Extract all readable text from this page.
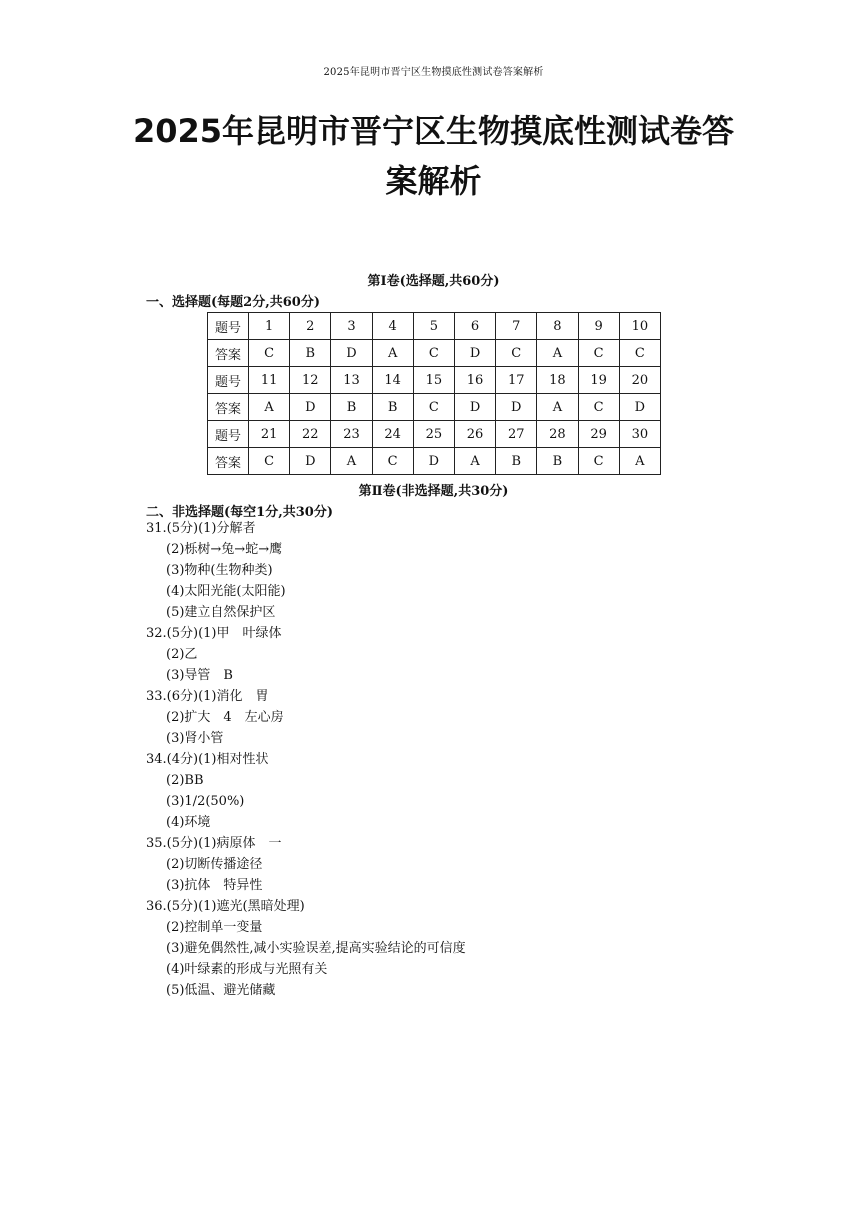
2025年昆明市晋宁区生物摸底性测试卷答案解析
2025年昆明市晋宁区生物摸底性测试卷答
案解析
第Ⅰ卷(选择题,共60分)
一、选择题(每题2分,共60分)
题号	1	2	3	4	5	6	7	8	9	10
答案	C	B	D	A	C	D	C	A	C	C
题号	11	12	13	14	15	16	17	18	19	20
答案	A	D	B	B	C	D	D	A	C	D
题号	21	22	23	24	25	26	27	28	29	30
答案	C	D	A	C	D	A	B	B	C	A
第Ⅱ卷(非选择题,共30分)
二、非选择题(每空1分,共30分)
31.(5分)(1)分解者
(2)栎树→兔→蛇→鹰
(3)物种(生物种类)
(4)太阳光能(太阳能)
(5)建立自然保护区
32.(5分)(1)甲　叶绿体
(2)乙
(3)导管　B
33.(6分)(1)消化　胃
(2)扩大　4　左心房
(3)肾小管
34.(4分)(1)相对性状
(2)BB
(3)1/2(50%)
(4)环境
35.(5分)(1)病原体　一
(2)切断传播途径
(3)抗体　特异性
36.(5分)(1)遮光(黑暗处理)
(2)控制单一变量
(3)避免偶然性,减小实验误差,提高实验结论的可信度
(4)叶绿素的形成与光照有关
(5)低温、避光储藏
